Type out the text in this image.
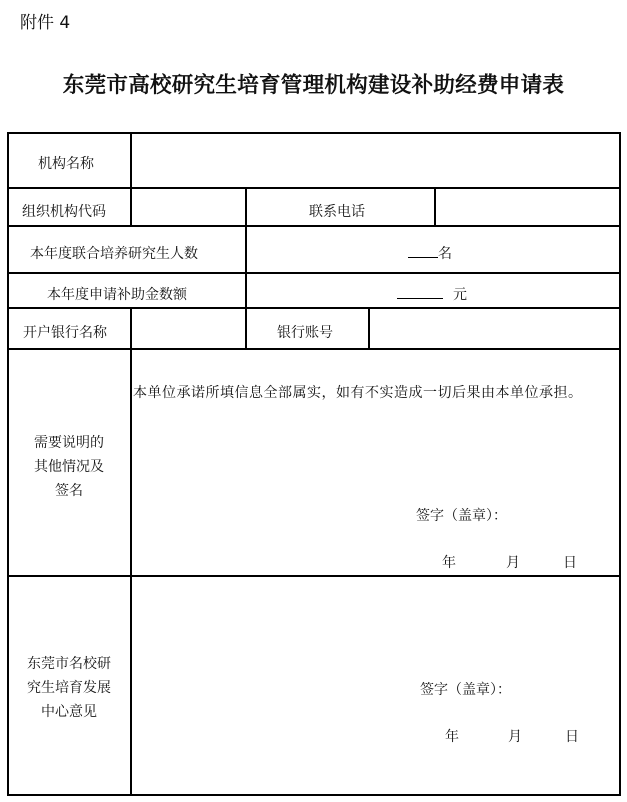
附件 4
东莞市高校研究生培育管理机构建设补助经费申请表
机构名称
组织机构代码	联系电话
本年度联合培养研究生人数	名
本年度申请补助金数额	元
开户银行名称	银行账号
需要说明的
其他情况及
签名
本单位承诺所填信息全部属实，如有不实造成一切后果由本单位承担。
签字（盖章）：
年	月	日
东莞市名校研
究生培育发展
中心意见
签字（盖章）：
年	月	日
